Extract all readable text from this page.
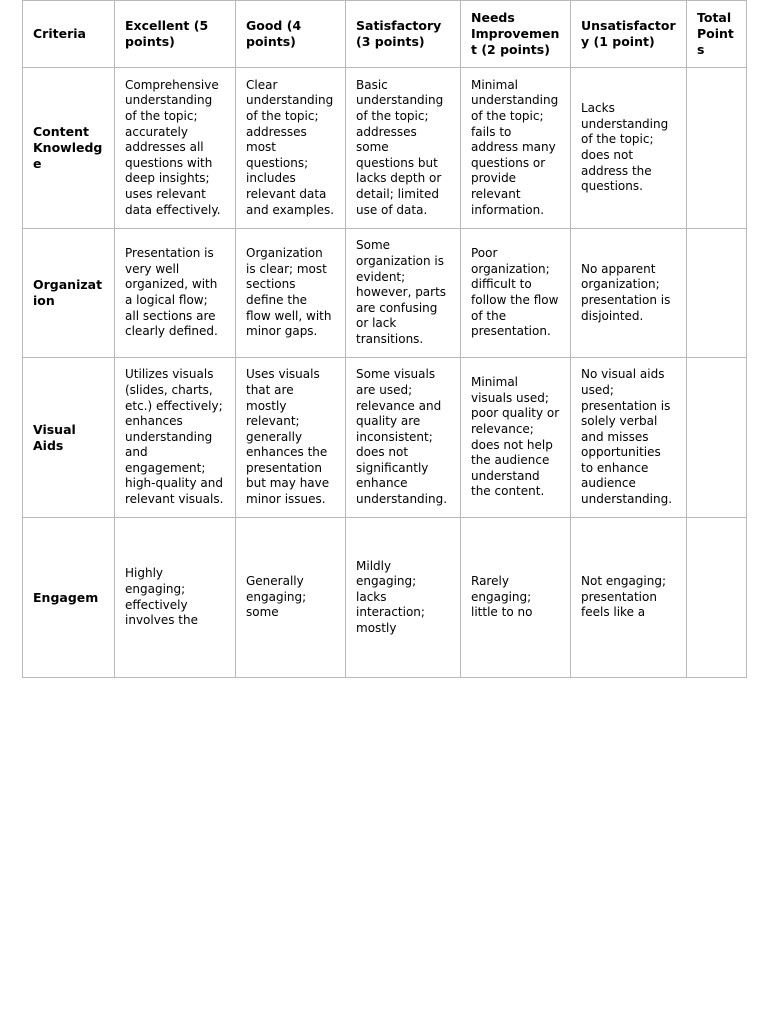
Criteria	Excellent (5 points)	Good (4 points)	Satisfactory (3 points)	Needs Improvement (2 points)	Unsatisfactory (1 point)	Total Points
Content Knowledge	Comprehensive understanding of the topic; accurately addresses all questions with deep insights; uses relevant data effectively.	Clear understanding of the topic; addresses most questions; includes relevant data and examples.	Basic understanding of the topic; addresses some questions but lacks depth or detail; limited use of data.	Minimal understanding of the topic; fails to address many questions or provide relevant information.	Lacks understanding of the topic; does not address the questions.	
Organization	Presentation is very well organized, with a logical flow; all sections are clearly defined.	Organization is clear; most sections define the flow well, with minor gaps.	Some organization is evident; however, parts are confusing or lack transitions.	Poor organization; difficult to follow the flow of the presentation.	No apparent organization; presentation is disjointed.	
Visual Aids	Utilizes visuals (slides, charts, etc.) effectively; enhances understanding and engagement; high-quality and relevant visuals.	Uses visuals that are mostly relevant; generally enhances the presentation but may have minor issues.	Some visuals are used; relevance and quality are inconsistent; does not significantly enhance understanding.	Minimal visuals used; poor quality or relevance; does not help the audience understand the content.	No visual aids used; presentation is solely verbal and misses opportunities to enhance audience understanding.	
Engagem	Highly engaging; effectively involves the	Generally engaging; some	Mildly engaging; lacks interaction; mostly	Rarely engaging; little to no	Not engaging; presentation feels like a	
